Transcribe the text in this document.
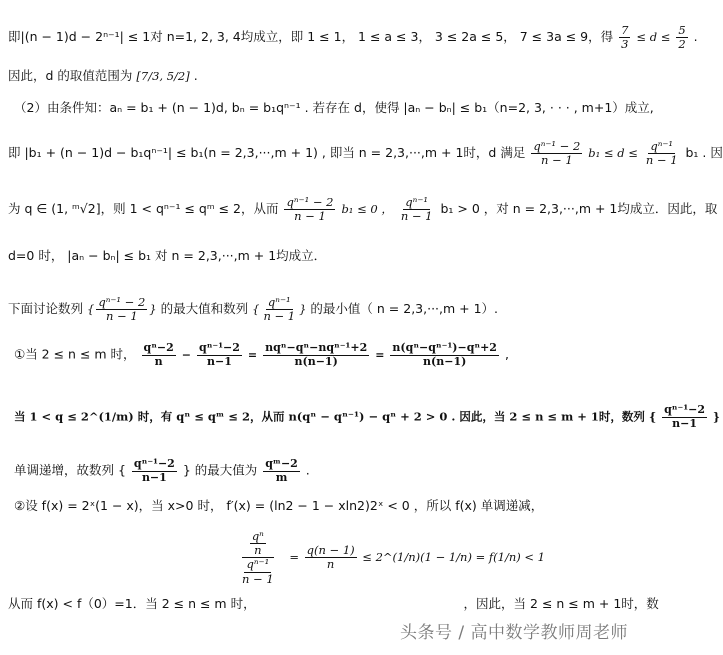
即|(n − 1)d − 2ⁿ⁻¹| ≤ 1对 n=1, 2, 3, 4均成立，即 1 ≤ 1， 1 ≤ a ≤ 3， 3 ≤ 2a ≤ 5， 7 ≤ 3a ≤ 9，得 $\frac{7}{3} \le d \le \frac{5}{2}$ .
因此，d 的取值范围为 [7/3, 5/2] .
（2）由条件知：aₙ = b₁ + (n − 1)d, bₙ = b₁qⁿ⁻¹ . 若存在 d，使得 |aₙ − bₙ| ≤ b₁（n=2, 3, · · · , m+1）成立,
即 |b₁ + (n − 1)d − b₁qⁿ⁻¹| ≤ b₁(n = 2,3,···,m + 1) , 即当 n = 2,3,···,m + 1时，d 满足 $\frac{\text{qⁿ⁻¹ − 2}}{n - 1} b_1 \le d \le \frac{\text{qⁿ⁻¹}}{n - 1} b_1$ . 因
为 q ∈ (1, ᵐ√2]，则 1 < qⁿ⁻¹ ≤ qᵐ ≤ 2，从而 $\frac{\text{qⁿ⁻¹ − 2}}{n - 1} b_1 \le 0$ ， $\frac{\text{qⁿ⁻¹}}{n - 1} b_1 > 0$ ，对 n = 2,3,···,m + 1均成立．因此，取
d=0 时， |aₙ − bₙ| ≤ b₁ 对 n = 2,3,···,m + 1均成立．
下面讨论数列 { $\frac{\text{qⁿ⁻¹ − 2}}{n - 1}$ } 的最大值和数列 { $\frac{\text{qⁿ⁻¹}}{n - 1}$ } 的最小值（ n = 2,3,···,m + 1）.
①当 2 ≤ n ≤ m 时， $\frac{\text{qⁿ−2}}{n} - \frac{\text{qⁿ⁻¹−2}}{n-1} = \frac{\text{nqⁿ−qⁿ−nqⁿ⁻¹+2}}{n(n-1)} = \frac{\text{n(qⁿ−qⁿ⁻¹)−qⁿ+2}}{n(n-1)}$ ,
当 1 < q ≤ 2^(1/m) 时，有 qⁿ ≤ qᵐ ≤ 2，从而 n(qⁿ − qⁿ⁻¹) − qⁿ + 2 > 0 . 因此，当 2 ≤ n ≤ m + 1时，数列 { $\frac{\text{qⁿ⁻¹−2}}{n-1}$ }
单调递增，故数列 { $\frac{\text{qⁿ⁻¹−2}}{n-1}$ } 的最大值为 $\frac{\text{qᵐ−2}}{m}$ .
②设 f(x) = 2ˣ(1 − x)，当 x>0 时， f′(x) = (ln2 − 1 − xln2)2ˣ < 0 ，所以 f(x) 单调递减，
$\frac{\frac{\text{qⁿ}}{n}}{\frac{\text{qⁿ⁻¹}}{n - 1}} = \frac{q(n - 1)}{n}$ ≤ 2^(1/n)(1 − 1/n) = f(1/n) < 1
从而 f(x) < f（0）=1．当 2 ≤ n ≤ m 时，	，因此，当 2 ≤ n ≤ m + 1时，数
头条号 / 高中数学教师周老师
